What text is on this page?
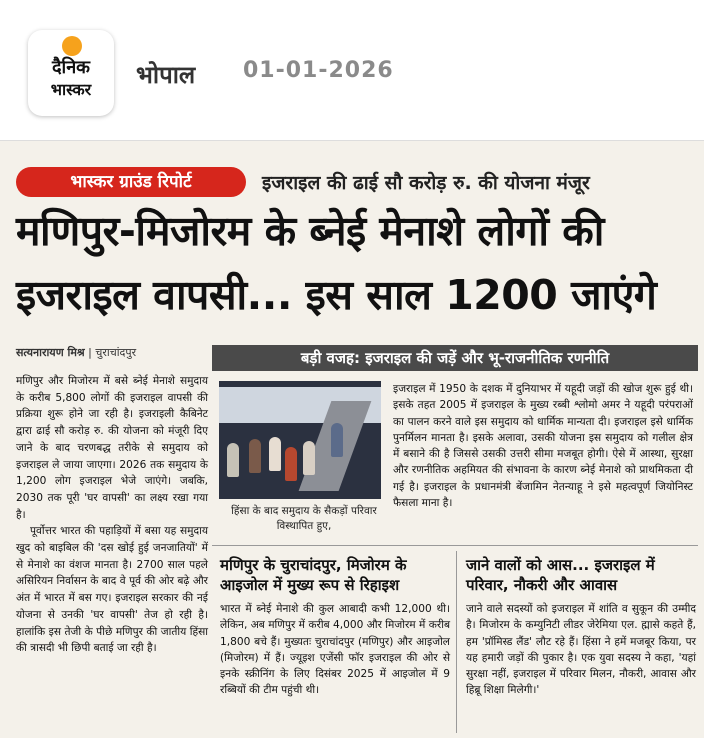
दैनिक
भास्कर
भोपाल 01-01-2026
भास्कर ग्राउंड रिपोर्ट	इजराइल की ढाई सौ करोड़ रु. की योजना मंजूर
मणिपुर-मिजोरम के ब्नेई मेनाशे लोगों की
इजराइल वापसी... इस साल 1200 जाएंगे
सत्यनारायण मिश्र | चुराचांदपुर

मणिपुर और मिजोरम में बसे ब्नेई मेनाशे समुदाय के करीब 5,800 लोगों की इजराइल वापसी की प्रक्रिया शुरू होने जा रही है। इजराइली कैबिनेट द्वारा ढाई सौ करोड़ रु. की योजना को मंजूरी दिए जाने के बाद चरणबद्ध तरीके से समुदाय को इजराइल ले जाया जाएगा। 2026 तक समुदाय के 1,200 लोग इजराइल भेजे जाएंगे। जबकि, 2030 तक पूरी 'घर वापसी' का लक्ष्य रखा गया है।

पूर्वोत्तर भारत की पहाड़ियों में बसा यह समुदाय खुद को बाइबिल की 'दस खोई हुई जनजातियों' में से मेनाशे का वंशज मानता है। 2700 साल पहले असिरियन निर्वासन के बाद वे पूर्व की ओर बढ़े और अंत में भारत में बस गए। इजराइल सरकार की नई योजना से उनकी 'घर वापसी' तेज हो रही है। हालांकि इस तेजी के पीछे मणिपुर की जातीय हिंसा की त्रासदी भी छिपी बताई जा रही है।

बड़ी वजह: इजराइल की जड़ें और भू-राजनीतिक रणनीति
हिंसा के बाद समुदाय के सैकड़ों परिवार विस्थापित हुए,
इजराइल में 1950 के दशक में दुनियाभर में यहूदी जड़ों की खोज शुरू हुई थी। इसके तहत 2005 में इजराइल के मुख्य रब्बी श्लोमो अमर ने यहूदी परंपराओं का पालन करने वाले इस समुदाय को धार्मिक मान्यता दी। इजराइल इसे धार्मिक पुनर्मिलन मानता है। इसके अलावा, उसकी योजना इस समुदाय को गलील क्षेत्र में बसाने की है जिससे उसकी उत्तरी सीमा मजबूत होगी। ऐसे में आस्था, सुरक्षा और रणनीतिक अहमियत की संभावना के कारण ब्नेई मेनाशे को प्राथमिकता दी गई है। इजराइल के प्रधानमंत्री बेंजामिन नेतन्याहू ने इसे महत्वपूर्ण जियोनिस्ट फैसला माना है।
मणिपुर के चुराचांदपुर, मिजोरम के आइजोल में मुख्य रूप से रिहाइश
भारत में ब्नेई मेनाशे की कुल आबादी कभी 12,000 थी। लेकिन, अब मणिपुर में करीब 4,000 और मिजोरम में करीब 1,800 बचे हैं। मुख्यतः चुराचांदपुर (मणिपुर) और आइजोल (मिजोरम) में हैं। ज्यूइश एजेंसी फॉर इजराइल की ओर से इनके स्क्रीनिंग के लिए दिसंबर 2025 में आइजोल में 9 रब्बियों की टीम पहुंची थी।
जाने वालों को आस... इजराइल में परिवार, नौकरी और आवास
जाने वाले सदस्यों को इजराइल में शांति व सुकून की उम्मीद है। मिजोरम के कम्युनिटी लीडर जेरेमिया एल. ह्मासे कहते हैं, हम 'प्रॉमिस्ड लैंड' लौट रहे हैं। हिंसा ने हमें मजबूर किया, पर यह हमारी जड़ों की पुकार है। एक युवा सदस्य ने कहा, 'यहां सुरक्षा नहीं, इजराइल में परिवार मिलन, नौकरी, आवास और हिब्रू शिक्षा मिलेगी।'
